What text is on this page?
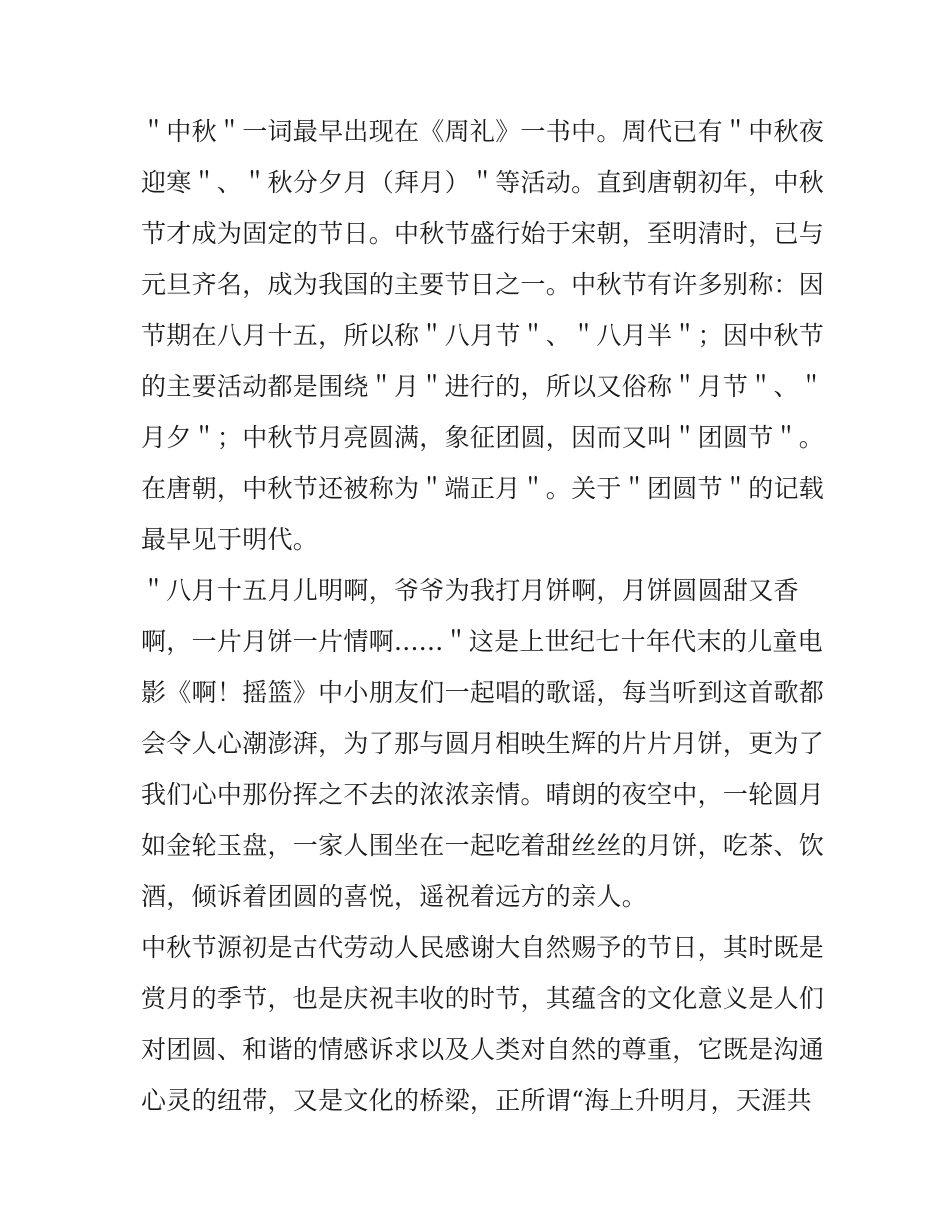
＂中秋＂一词最早出现在《周礼》一书中。周代已有＂中秋夜
迎寒＂、＂秋分夕月（拜月）＂等活动。直到唐朝初年，中秋
节才成为固定的节日。中秋节盛行始于宋朝，至明清时，已与
元旦齐名，成为我国的主要节日之一。中秋节有许多别称：因
节期在八月十五，所以称＂八月节＂、＂八月半＂；因中秋节
的主要活动都是围绕＂月＂进行的，所以又俗称＂月节＂、＂
月夕＂；中秋节月亮圆满，象征团圆，因而又叫＂团圆节＂。
在唐朝，中秋节还被称为＂端正月＂。关于＂团圆节＂的记载
最早见于明代。
＂八月十五月儿明啊，爷爷为我打月饼啊，月饼圆圆甜又香
啊，一片月饼一片情啊......＂这是上世纪七十年代末的儿童电
影《啊！摇篮》中小朋友们一起唱的歌谣，每当听到这首歌都
会令人心潮澎湃，为了那与圆月相映生辉的片片月饼，更为了
我们心中那份挥之不去的浓浓亲情。晴朗的夜空中，一轮圆月
如金轮玉盘，一家人围坐在一起吃着甜丝丝的月饼，吃茶、饮
酒，倾诉着团圆的喜悦，遥祝着远方的亲人。
中秋节源初是古代劳动人民感谢大自然赐予的节日，其时既是
赏月的季节，也是庆祝丰收的时节，其蕴含的文化意义是人们
对团圆、和谐的情感诉求以及人类对自然的尊重，它既是沟通
心灵的纽带，又是文化的桥梁，正所谓“海上升明月，天涯共
